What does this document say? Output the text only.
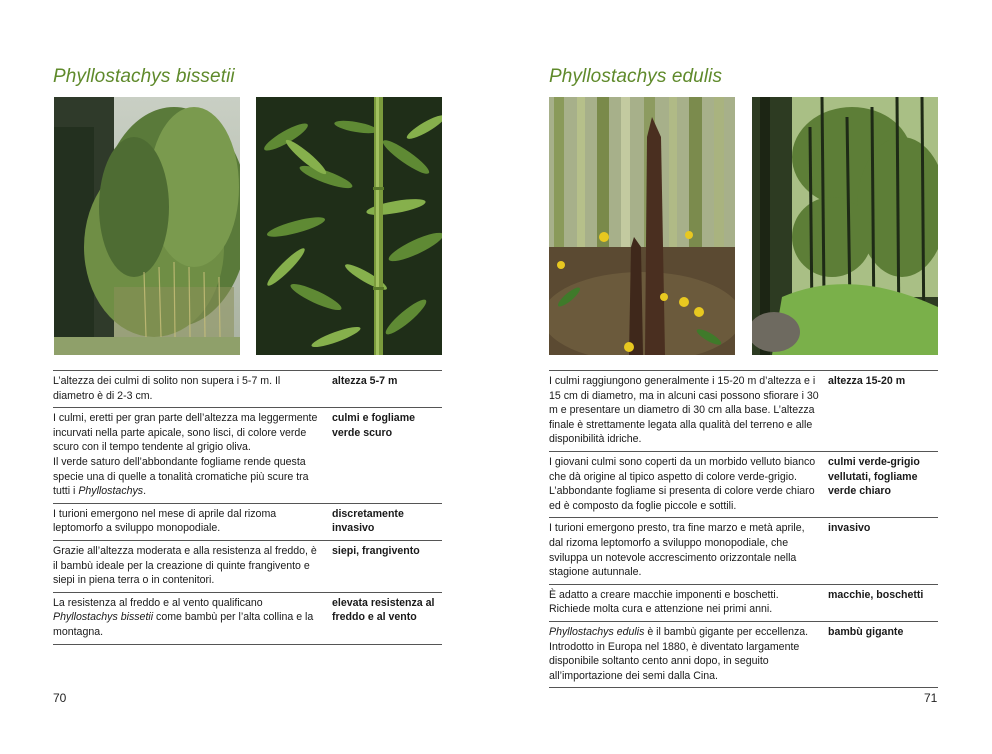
Phyllostachys bissetii
L’altezza dei culmi di solito non supera i 5-7 m. Il diametro è di 2-3 cm.
altezza 5-7 m
I culmi, eretti per gran parte dell’altezza ma leggermente incurvati nella parte apicale, sono lisci, di colore verde scuro con il tempo tendente al grigio oliva.
Il verde saturo dell’abbondante fogliame rende questa specie una di quelle a tonalità cromatiche più scure tra tutti i Phyllostachys.
culmi e fogliame verde scuro
I turioni emergono nel mese di aprile dal rizoma leptomorfo a sviluppo monopodiale.
discretamente invasivo
Grazie all’altezza moderata e alla resistenza al freddo, è il bambù ideale per la creazione di quinte frangivento e siepi in piena terra o in contenitori.
siepi, frangivento
La resistenza al freddo e al vento qualificano Phyllostachys bissetii come bambù per l’alta collina e la montagna.
elevata resistenza al freddo e al vento
70
Phyllostachys edulis
I culmi raggiungono generalmente i 15-20 m d’altezza e i 15 cm di diametro, ma in alcuni casi possono sfiorare i 30 m e presentare un diametro di 30 cm alla base. L’altezza finale è strettamente legata alla qualità del terreno e alle disponibilità idriche.
altezza 15-20 m
I giovani culmi sono coperti da un morbido velluto bianco che dà origine al tipico aspetto di colore verde-grigio. L’abbondante fogliame si presenta di colore verde chiaro ed è composto da foglie piccole e sottili.
culmi verde-grigio vellutati, fogliame verde chiaro
I turioni emergono presto, tra fine marzo e metà aprile, dal rizoma leptomorfo a sviluppo monopodiale, che sviluppa un notevole accrescimento orizzontale nella stagione autunnale.
invasivo
È adatto a creare macchie imponenti e boschetti.
Richiede molta cura e attenzione nei primi anni.
macchie, boschetti
Phyllostachys edulis è il bambù gigante per eccellenza. Introdotto in Europa nel 1880, è diventato largamente disponibile soltanto cento anni dopo, in seguito all’importazione dei semi dalla Cina.
bambù gigante
71
